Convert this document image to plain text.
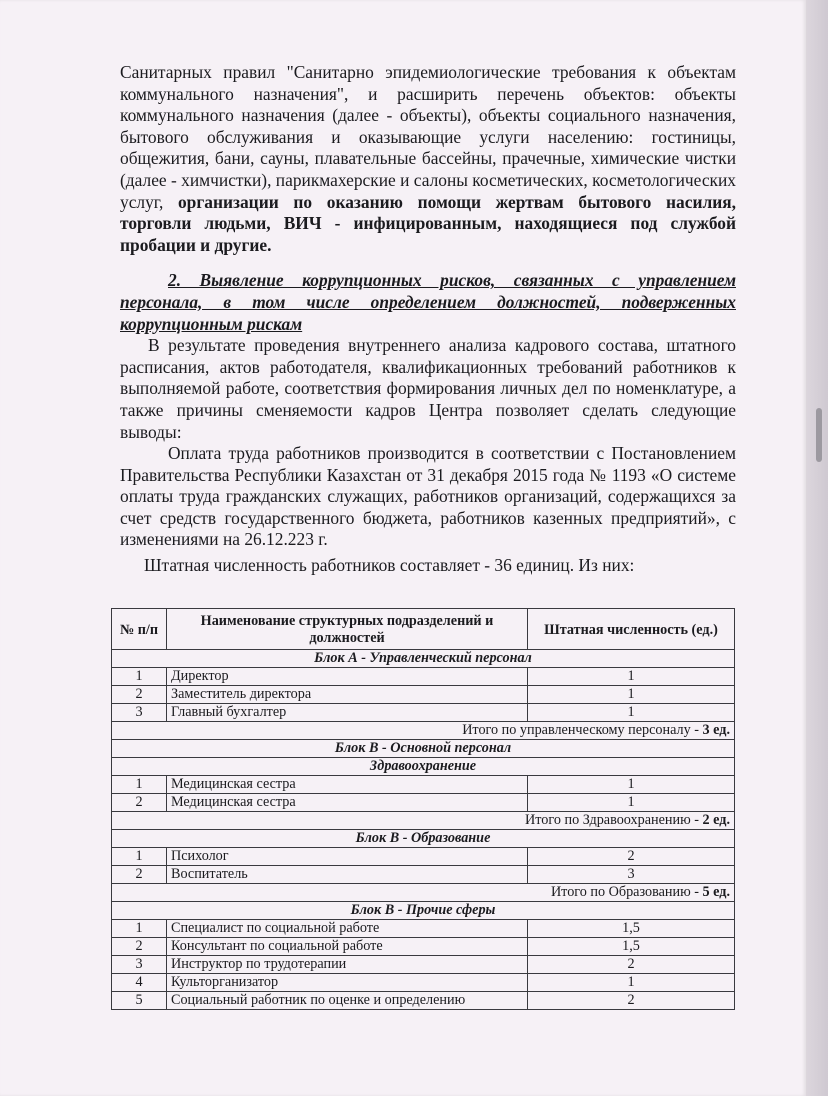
Санитарных правил "Санитарно эпидемиологические требования к объектам коммунального назначения", и расширить перечень объектов: объекты коммунального назначения (далее - объекты), объекты социального назначения, бытового обслуживания и оказывающие услуги населению: гостиницы, общежития, бани, сауны, плавательные бассейны, прачечные, химические чистки (далее - химчистки), парикмахерские и салоны косметических, косметологических услуг, организации по оказанию помощи жертвам бытового насилия, торговли людьми, ВИЧ - инфицированным, находящиеся под службой пробации и другие.

2. Выявление коррупционных рисков, связанных с управлением персонала, в том числе определением должностей, подверженных коррупционным рискам

В результате проведения внутреннего анализа кадрового состава, штатного расписания, актов работодателя, квалификационных требований работников к выполняемой работе, соответствия формирования личных дел по номенклатуре, а также причины сменяемости кадров Центра позволяет сделать следующие выводы:

Оплата труда работников производится в соответствии с Постановлением Правительства Республики Казахстан от 31 декабря 2015 года № 1193 «О системе оплаты труда гражданских служащих, работников организаций, содержащихся за счет средств государственного бюджета, работников казенных предприятий», с изменениями на 26.12.223 г.

Штатная численность работников составляет - 36 единиц. Из них:

№ п/п	Наименование структурных подразделений и должностей	Штатная численность (ед.)
Блок А - Управленческий персонал		
1	Директор	1
2	Заместитель директора	1
3	Главный бухгалтер	1
Итого по управленческому персоналу - 3 ед.		
Блок В - Основной персонал		
Здравоохранение		
1	Медицинская сестра	1
2	Медицинская сестра	1
Итого по Здравоохранению - 2 ед.		
Блок В - Образование		
1	Психолог	2
2	Воспитатель	3
Итого по Образованию - 5 ед.		
Блок В - Прочие сферы		
1	Специалист по социальной работе	1,5
2	Консультант по социальной работе	1,5
3	Инструктор по трудотерапии	2
4	Культорганизатор	1
5	Социальный работник по оценке и определению	2
